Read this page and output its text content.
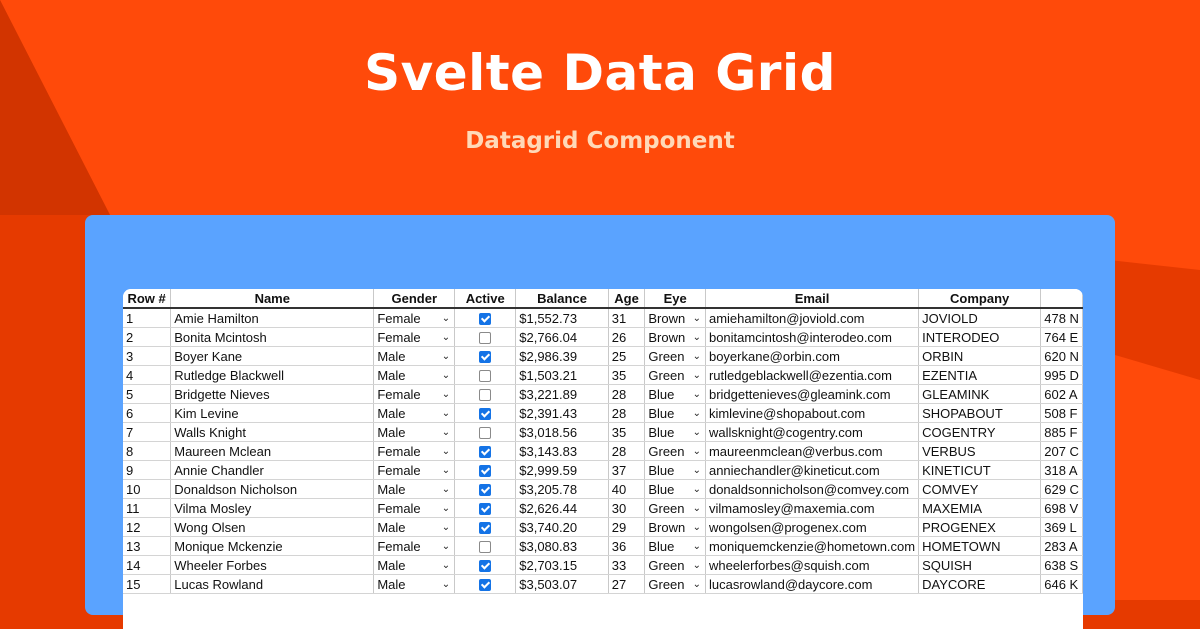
Svelte Data Grid
Datagrid Component
Row #	Name	Gender	Active	Balance	Age	Eye	Email	Company	
1	Amie Hamilton	Female ⌄		$1,552.73	31	Brown ⌄	amiehamilton@joviold.com	JOVIOLD	478 N
2	Bonita Mcintosh	Female ⌄		$2,766.04	26	Brown ⌄	bonitamcintosh@interodeo.com	INTERODEO	764 E
3	Boyer Kane	Male ⌄		$2,986.39	25	Green ⌄	boyerkane@orbin.com	ORBIN	620 N
4	Rutledge Blackwell	Male ⌄		$1,503.21	35	Green ⌄	rutledgeblackwell@ezentia.com	EZENTIA	995 D
5	Bridgette Nieves	Female ⌄		$3,221.89	28	Blue ⌄	bridgettenieves@gleamink.com	GLEAMINK	602 A
6	Kim Levine	Male ⌄		$2,391.43	28	Blue ⌄	kimlevine@shopabout.com	SHOPABOUT	508 F
7	Walls Knight	Male ⌄		$3,018.56	35	Blue ⌄	wallsknight@cogentry.com	COGENTRY	885 F
8	Maureen Mclean	Female ⌄		$3,143.83	28	Green ⌄	maureenmclean@verbus.com	VERBUS	207 C
9	Annie Chandler	Female ⌄		$2,999.59	37	Blue ⌄	anniechandler@kineticut.com	KINETICUT	318 A
10	Donaldson Nicholson	Male ⌄		$3,205.78	40	Blue ⌄	donaldsonnicholson@comvey.com	COMVEY	629 C
11	Vilma Mosley	Female ⌄		$2,626.44	30	Green ⌄	vilmamosley@maxemia.com	MAXEMIA	698 V
12	Wong Olsen	Male ⌄		$3,740.20	29	Brown ⌄	wongolsen@progenex.com	PROGENEX	369 L
13	Monique Mckenzie	Female ⌄		$3,080.83	36	Blue ⌄	moniquemckenzie@hometown.com	HOMETOWN	283 A
14	Wheeler Forbes	Male ⌄		$2,703.15	33	Green ⌄	wheelerforbes@squish.com	SQUISH	638 S
15	Lucas Rowland	Male ⌄		$3,503.07	27	Green ⌄	lucasrowland@daycore.com	DAYCORE	646 K
